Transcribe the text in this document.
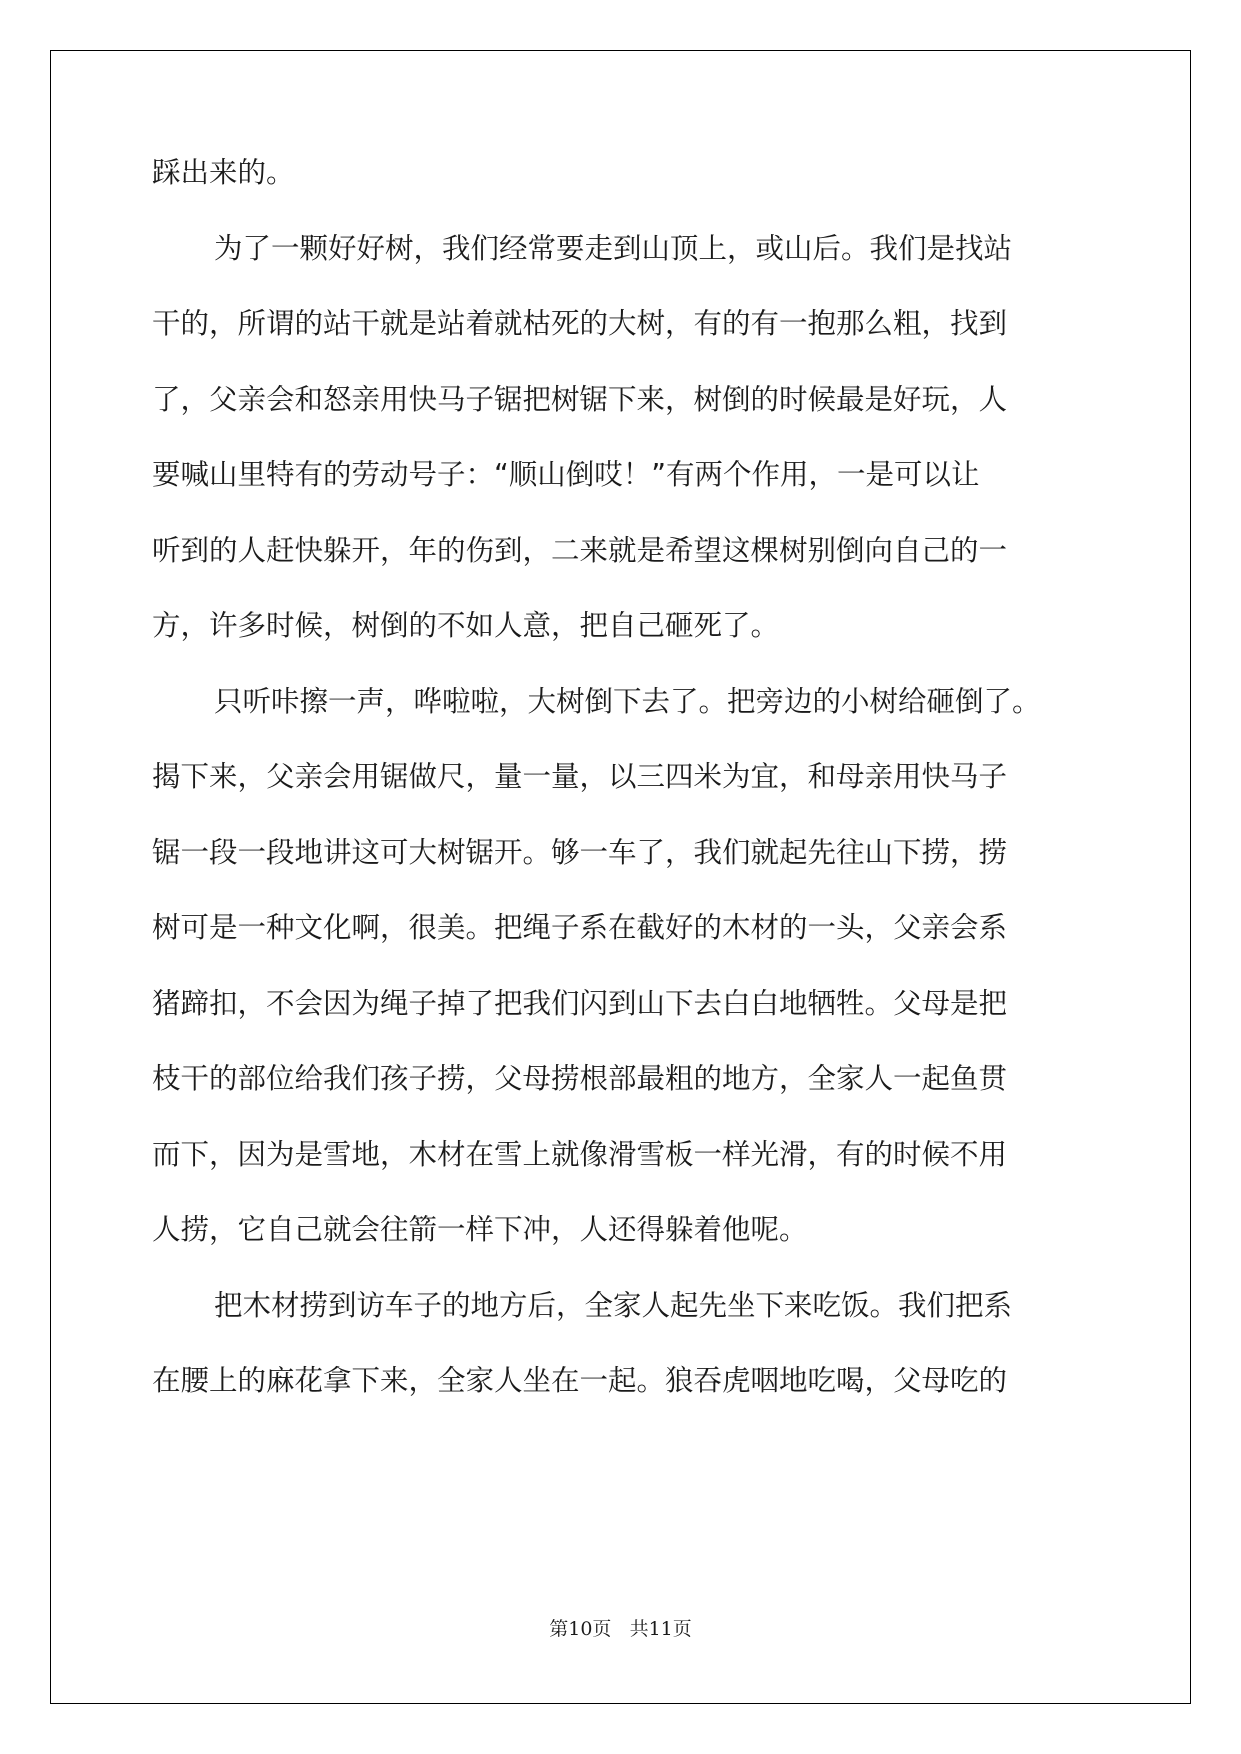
踩出来的。
为了一颗好好树，我们经常要走到山顶上，或山后。我们是找站
干的，所谓的站干就是站着就枯死的大树，有的有一抱那么粗，找到
了，父亲会和怒亲用快马子锯把树锯下来，树倒的时候最是好玩，人
要喊山里特有的劳动号子：“顺山倒哎！”有两个作用，一是可以让
听到的人赶快躲开，年的伤到，二来就是希望这棵树别倒向自己的一
方，许多时候，树倒的不如人意，把自己砸死了。
只听咔擦一声，哗啦啦，大树倒下去了。把旁边的小树给砸倒了。
揭下来，父亲会用锯做尺，量一量，以三四米为宜，和母亲用快马子
锯一段一段地讲这可大树锯开。够一车了，我们就起先往山下捞，捞
树可是一种文化啊，很美。把绳子系在截好的木材的一头，父亲会系
猪蹄扣，不会因为绳子掉了把我们闪到山下去白白地牺牲。父母是把
枝干的部位给我们孩子捞，父母捞根部最粗的地方，全家人一起鱼贯
而下，因为是雪地，木材在雪上就像滑雪板一样光滑，有的时候不用
人捞，它自己就会往箭一样下冲，人还得躲着他呢。
把木材捞到访车子的地方后，全家人起先坐下来吃饭。我们把系
在腰上的麻花拿下来，全家人坐在一起。狼吞虎咽地吃喝，父母吃的
第10页 共11页
